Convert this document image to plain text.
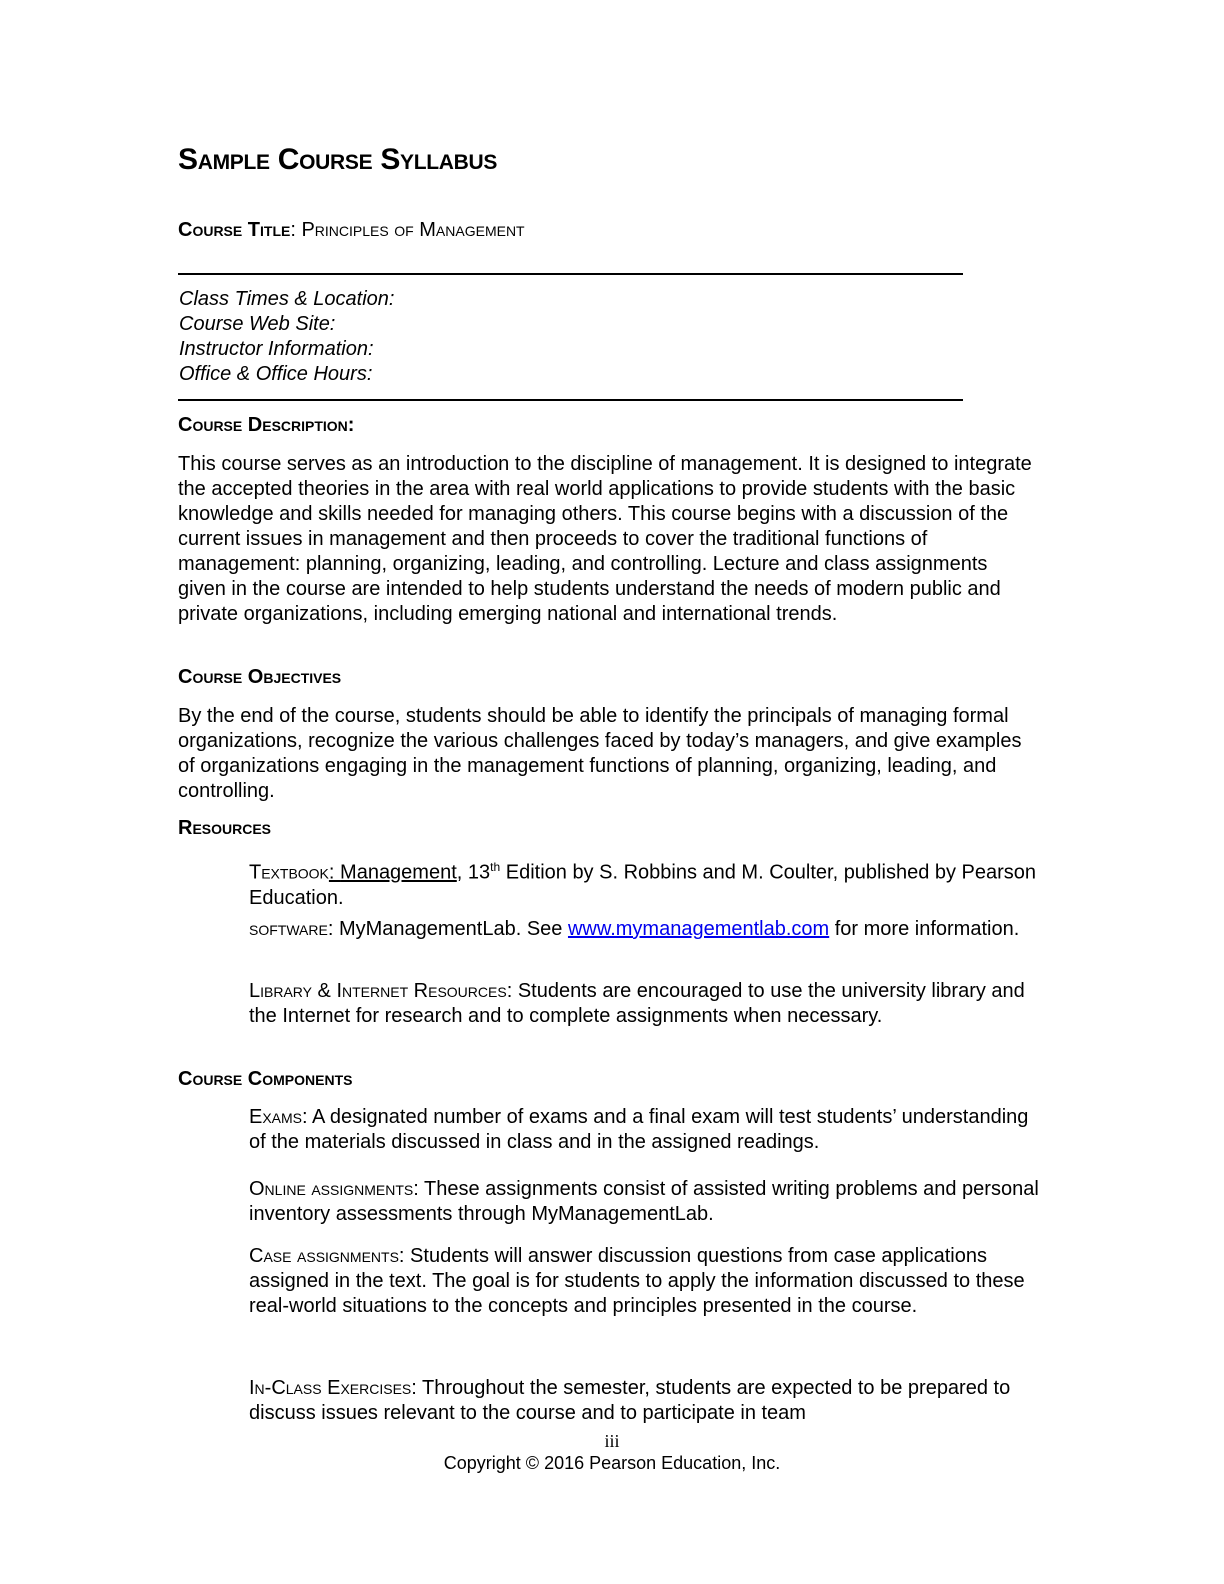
Sample Course Syllabus

Course Title: Principles of Management

Class Times & Location:
Course Web Site:
Instructor Information:
Office & Office Hours:

Course Description:

This course serves as an introduction to the discipline of management. It is designed to integrate the accepted theories in the area with real world applications to provide students with the basic knowledge and skills needed for managing others. This course begins with a discussion of the current issues in management and then proceeds to cover the traditional functions of management: planning, organizing, leading, and controlling. Lecture and class assignments given in the course are intended to help students understand the needs of modern public and private organizations, including emerging national and international trends.

Course Objectives

By the end of the course, students should be able to identify the principals of managing formal organizations, recognize the various challenges faced by today’s managers, and give examples of organizations engaging in the management functions of planning, organizing, leading, and controlling.

Resources

Textbook: Management, 13th Edition by S. Robbins and M. Coulter, published by Pearson Education.

software: MyManagementLab. See www.mymanagementlab.com for more information.

Library & Internet Resources: Students are encouraged to use the university library and the Internet for research and to complete assignments when necessary.

Course Components

Exams: A designated number of exams and a final exam will test students’ understanding of the materials discussed in class and in the assigned readings.

Online assignments: These assignments consist of assisted writing problems and personal inventory assessments through MyManagementLab.

Case assignments: Students will answer discussion questions from case applications assigned in the text. The goal is for students to apply the information discussed to these real-world situations to the concepts and principles presented in the course.

In-Class Exercises: Throughout the semester, students are expected to be prepared to discuss issues relevant to the course and to participate in team

iii
Copyright © 2016 Pearson Education, Inc.
